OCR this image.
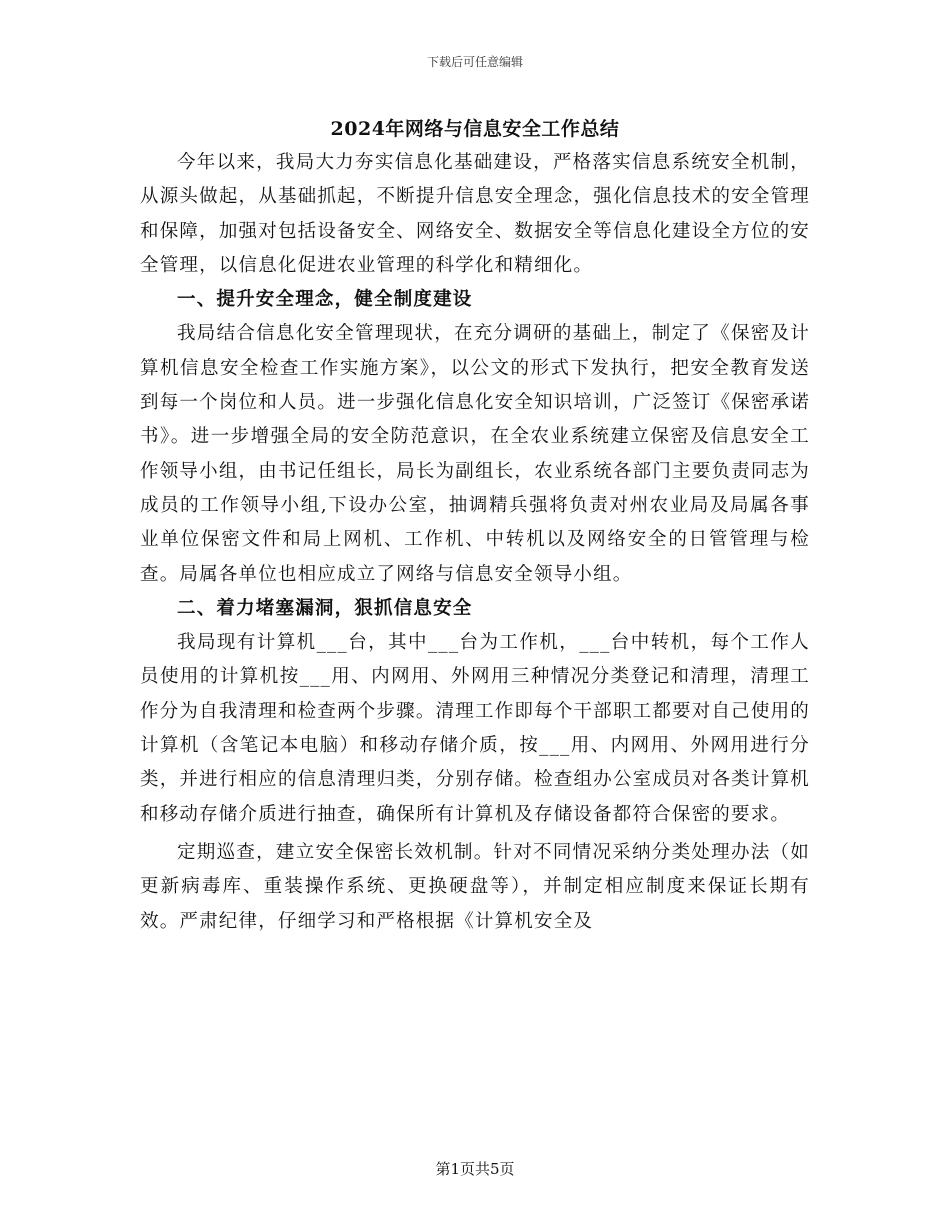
下载后可任意编辑
2024年网络与信息安全工作总结

今年以来，我局大力夯实信息化基础建设，严格落实信息系统安全机制，从源头做起，从基础抓起，不断提升信息安全理念，强化信息技术的安全管理和保障，加强对包括设备安全、网络安全、数据安全等信息化建设全方位的安全管理，以信息化促进农业管理的科学化和精细化。

一、提升安全理念，健全制度建设

我局结合信息化安全管理现状，在充分调研的基础上，制定了《保密及计算机信息安全检查工作实施方案》，以公文的形式下发执行，把安全教育发送到每一个岗位和人员。进一步强化信息化安全知识培训，广泛签订《保密承诺书》。进一步增强全局的安全防范意识，在全农业系统建立保密及信息安全工作领导小组，由书记任组长，局长为副组长，农业系统各部门主要负责同志为成员的工作领导小组,下设办公室，抽调精兵强将负责对州农业局及局属各事业单位保密文件和局上网机、工作机、中转机以及网络安全的日管管理与检查。局属各单位也相应成立了网络与信息安全领导小组。

二、着力堵塞漏洞，狠抓信息安全

我局现有计算机___台，其中___台为工作机，___台中转机，每个工作人员使用的计算机按___用、内网用、外网用三种情况分类登记和清理，清理工作分为自我清理和检查两个步骤。清理工作即每个干部职工都要对自己使用的计算机（含笔记本电脑）和移动存储介质，按___用、内网用、外网用进行分类，并进行相应的信息清理归类，分别存储。检查组办公室成员对各类计算机和移动存储介质进行抽查，确保所有计算机及存储设备都符合保密的要求。

定期巡查，建立安全保密长效机制。针对不同情况采纳分类处理办法（如更新病毒库、重装操作系统、更换硬盘等），并制定相应制度来保证长期有效。严肃纪律，仔细学习和严格根据《计算机安全及

第1页共5页
